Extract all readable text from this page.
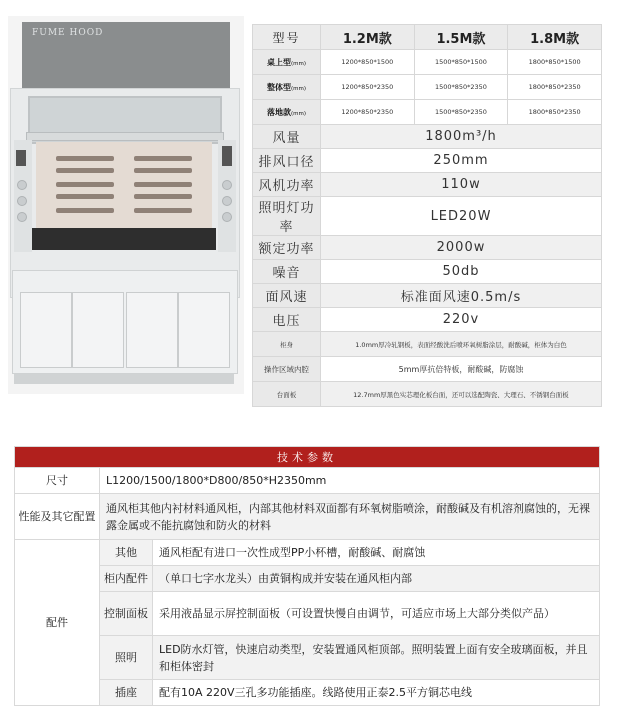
FUME HOOD	型号	1.2M款	1.5M款	1.8M款
桌上型(mm)	1200*850*1500	1500*850*1500	1800*850*1500
整体型(mm)	1200*850*2350	1500*850*2350	1800*850*2350
落地款(mm)	1200*850*2350	1500*850*2350	1800*850*2350
风量	1800m³/h		
排风口径	250mm		
风机功率	110w		
照明灯功率	LED20W		
额定功率	2000w		
噪音	50db		
面风速	标准面风速0.5m/s		
电压	220v		
柜身	1.0mm厚冷轧钢板，表面经酸洗后喷环氧树脂涂层，耐酸碱，柜体为白色		
操作区域内腔	5mm厚抗倍特板，耐酸碱，防腐蚀		
台面板	12.7mm厚黑色实芯理化板台面，还可以选配陶瓷、大理石、不锈钢台面板		
技术参数		
尺寸	L1200/1500/1800*D800/850*H2350mm	
性能及其它配置	通风柜其他内衬材料通风柜，内部其他材料双面都有环氧树脂喷涂，耐酸碱及有机溶剂腐蚀的，无裸露金属或不能抗腐蚀和防火的材料	
配件	其他	通风柜配有进口一次性成型PP小杯槽，耐酸碱、耐腐蚀
	柜内配件	（单口七字水龙头）由黄铜构成并安装在通风柜内部
	控制面板	采用液晶显示屏控制面板（可设置快慢自由调节，可适应市场上大部分类似产品）
	照明	LED防水灯管，快速启动类型，安装置通风柜顶部。照明装置上面有安全玻璃面板，并且和柜体密封
	插座	配有10A 220V三孔多功能插座。线路使用正泰2.5平方铜芯电线
